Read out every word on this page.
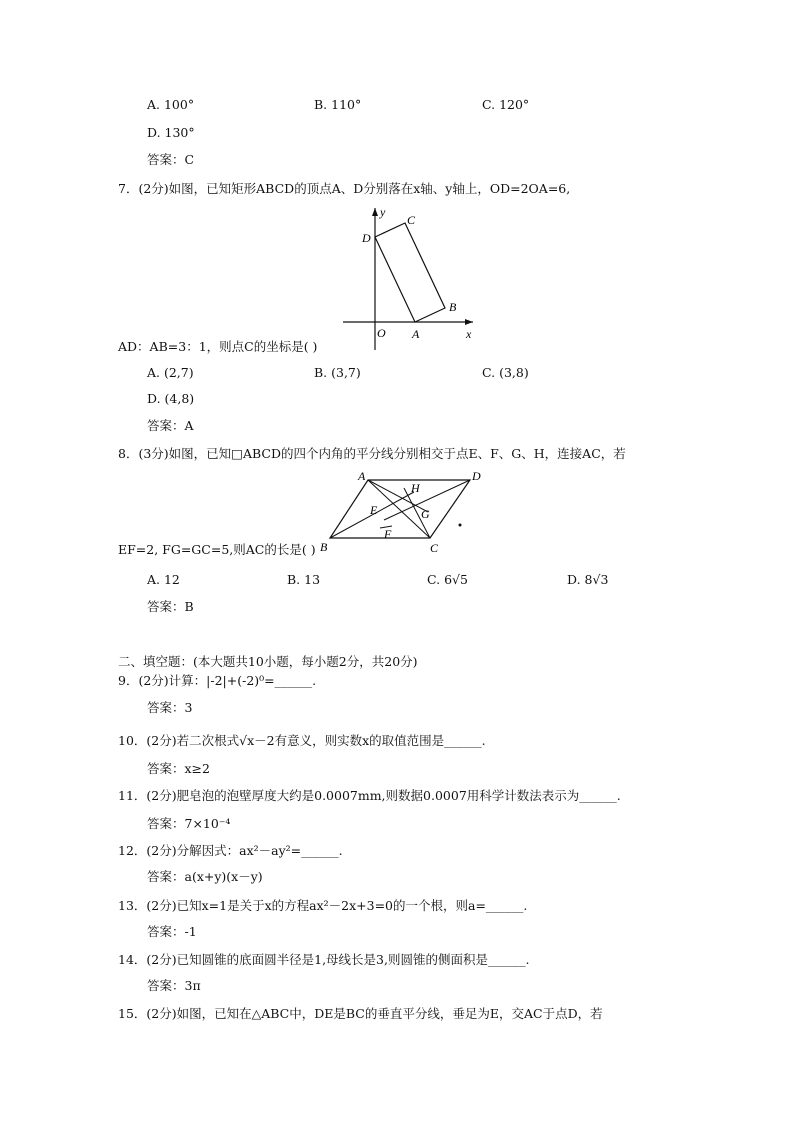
A. 100°	B. 110°	C. 120°
D. 130°
答案：C
7．(2分)如图，已知矩形ABCD的顶点A、D分别落在x轴、y轴上，OD=2OA=6,
y
C
D
B
O A	x
AD：AB=3：1，则点C的坐标是( )
A. (2,7)	B. (3,7)	C. (3,8)
D. (4,8)
答案：A
8．(3分)如图，已知□ABCD的四个内角的平分线分别相交于点E、F、G、H，连接AC，若
A	D
H
E	G
F
B	C
EF=2, FG=GC=5,则AC的长是( )
A. 12	B. 13	C. 6√5	D. 8√3
答案：B
二、填空题：(本大题共10小题，每小题2分，共20分)
9．(2分)计算：|-2|+(-2)⁰=______.
答案：3
10．(2分)若二次根式√x－2有意义，则实数x的取值范围是______.
答案：x≥2
11．(2分)肥皂泡的泡壁厚度大约是0.0007mm,则数据0.0007用科学计数法表示为______.
答案：7×10⁻⁴
12．(2分)分解因式：ax²－ay²=______.
答案：a(x+y)(x－y)
13．(2分)已知x=1是关于x的方程ax²－2x+3=0的一个根，则a=______.
答案：-1
14．(2分)已知圆锥的底面圆半径是1,母线长是3,则圆锥的侧面积是______.
答案：3π
15．(2分)如图，已知在△ABC中，DE是BC的垂直平分线，垂足为E，交AC于点D，若
